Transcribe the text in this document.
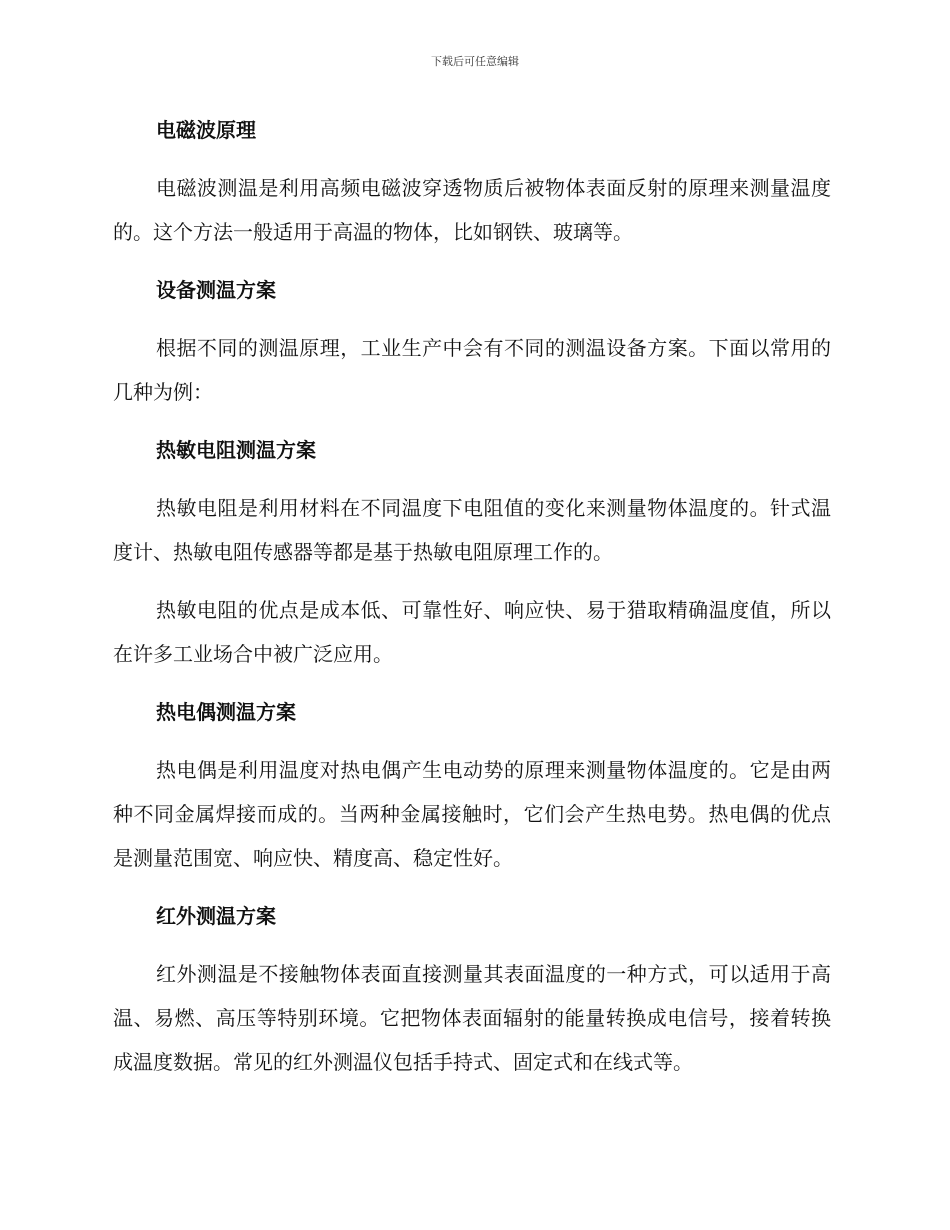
下载后可任意编辑
电磁波原理

电磁波测温是利用高频电磁波穿透物质后被物体表面反射的原理来测量温度的。这个方法一般适用于高温的物体，比如钢铁、玻璃等。

设备测温方案

根据不同的测温原理，工业生产中会有不同的测温设备方案。下面以常用的几种为例：

热敏电阻测温方案

热敏电阻是利用材料在不同温度下电阻值的变化来测量物体温度的。针式温度计、热敏电阻传感器等都是基于热敏电阻原理工作的。

热敏电阻的优点是成本低、可靠性好、响应快、易于猎取精确温度值，所以在许多工业场合中被广泛应用。

热电偶测温方案

热电偶是利用温度对热电偶产生电动势的原理来测量物体温度的。它是由两种不同金属焊接而成的。当两种金属接触时，它们会产生热电势。热电偶的优点是测量范围宽、响应快、精度高、稳定性好。

红外测温方案

红外测温是不接触物体表面直接测量其表面温度的一种方式，可以适用于高温、易燃、高压等特别环境。它把物体表面辐射的能量转换成电信号，接着转换成温度数据。常见的红外测温仪包括手持式、固定式和在线式等。
